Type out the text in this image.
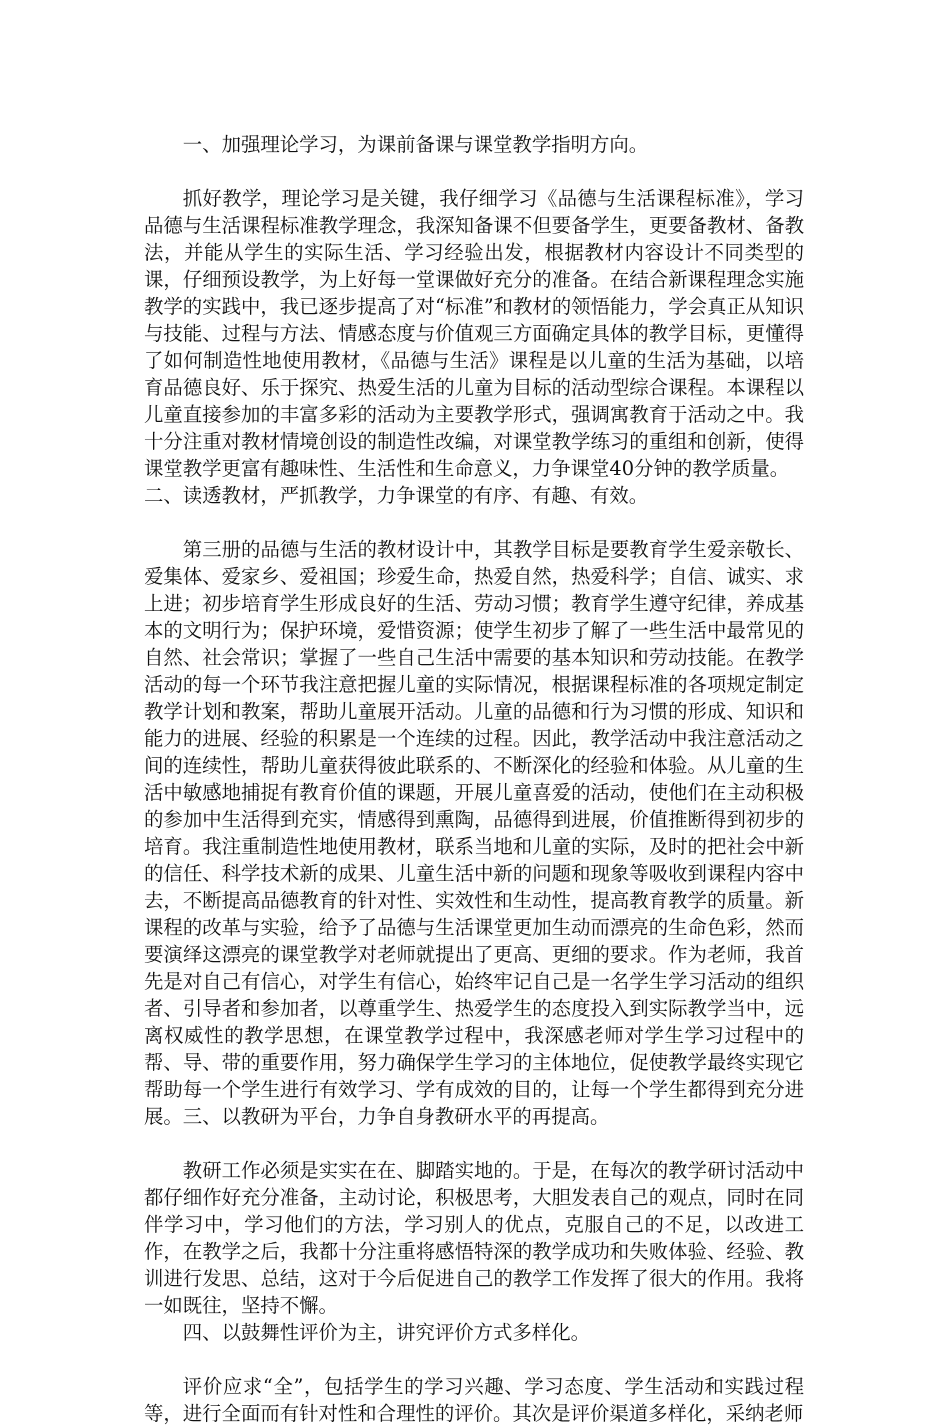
一、加强理论学习，为课前备课与课堂教学指明方向。

抓好教学，理论学习是关键，我仔细学习《品德与生活课程标准》，学习品德与生活课程标准教学理念，我深知备课不但要备学生，更要备教材、备教法，并能从学生的实际生活、学习经验出发，根据教材内容设计不同类型的课，仔细预设教学，为上好每一堂课做好充分的准备。在结合新课程理念实施教学的实践中，我已逐步提高了对“标准”和教材的领悟能力，学会真正从知识与技能、过程与方法、情感态度与价值观三方面确定具体的教学目标，更懂得了如何制造性地使用教材，《品德与生活》课程是以儿童的生活为基础，以培育品德良好、乐于探究、热爱生活的儿童为目标的活动型综合课程。本课程以儿童直接参加的丰富多彩的活动为主要教学形式，强调寓教育于活动之中。我十分注重对教材情境创设的制造性改编，对课堂教学练习的重组和创新，使得课堂教学更富有趣味性、生活性和生命意义，力争课堂40分钟的教学质量。

二、读透教材，严抓教学，力争课堂的有序、有趣、有效。

第三册的品德与生活的教材设计中，其教学目标是要教育学生爱亲敬长、爱集体、爱家乡、爱祖国；珍爱生命，热爱自然，热爱科学；自信、诚实、求上进；初步培育学生形成良好的生活、劳动习惯；教育学生遵守纪律，养成基本的文明行为；保护环境，爱惜资源；使学生初步了解了一些生活中最常见的自然、社会常识；掌握了一些自己生活中需要的基本知识和劳动技能。在教学活动的每一个环节我注意把握儿童的实际情况，根据课程标准的各项规定制定教学计划和教案，帮助儿童展开活动。儿童的品德和行为习惯的形成、知识和能力的进展、经验的积累是一个连续的过程。因此，教学活动中我注意活动之间的连续性，帮助儿童获得彼此联系的、不断深化的经验和体验。从儿童的生活中敏感地捕捉有教育价值的课题，开展儿童喜爱的活动，使他们在主动积极的参加中生活得到充实，情感得到熏陶，品德得到进展，价值推断得到初步的培育。我注重制造性地使用教材，联系当地和儿童的实际，及时的把社会中新的信任、科学技术新的成果、儿童生活中新的问题和现象等吸收到课程内容中去，不断提高品德教育的针对性、实效性和生动性，提高教育教学的质量。新课程的改革与实验，给予了品德与生活课堂更加生动而漂亮的生命色彩，然而要演绎这漂亮的课堂教学对老师就提出了更高、更细的要求。作为老师，我首先是对自己有信心，对学生有信心，始终牢记自己是一名学生学习活动的组织者、引导者和参加者，以尊重学生、热爱学生的态度投入到实际教学当中，远离权威性的教学思想，在课堂教学过程中，我深感老师对学生学习过程中的帮、导、带的重要作用，努力确保学生学习的主体地位，促使教学最终实现它帮助每一个学生进行有效学习、学有成效的目的，让每一个学生都得到充分进展。三、以教研为平台，力争自身教研水平的再提高。

教研工作必须是实实在在、脚踏实地的。于是，在每次的教学研讨活动中都仔细作好充分准备，主动讨论，积极思考，大胆发表自己的观点，同时在同伴学习中，学习他们的方法，学习别人的优点，克服自己的不足，以改进工作，在教学之后，我都十分注重将感悟特深的教学成功和失败体验、经验、教训进行发思、总结，这对于今后促进自己的教学工作发挥了很大的作用。我将一如既往，坚持不懈。

四、以鼓舞性评价为主，讲究评价方式多样化。

评价应求“全”，包括学生的学习兴趣、学习态度、学生活动和实践过程等，进行全面而有针对性和合理性的评价。其次是评价渠道多样化，采纳老师
